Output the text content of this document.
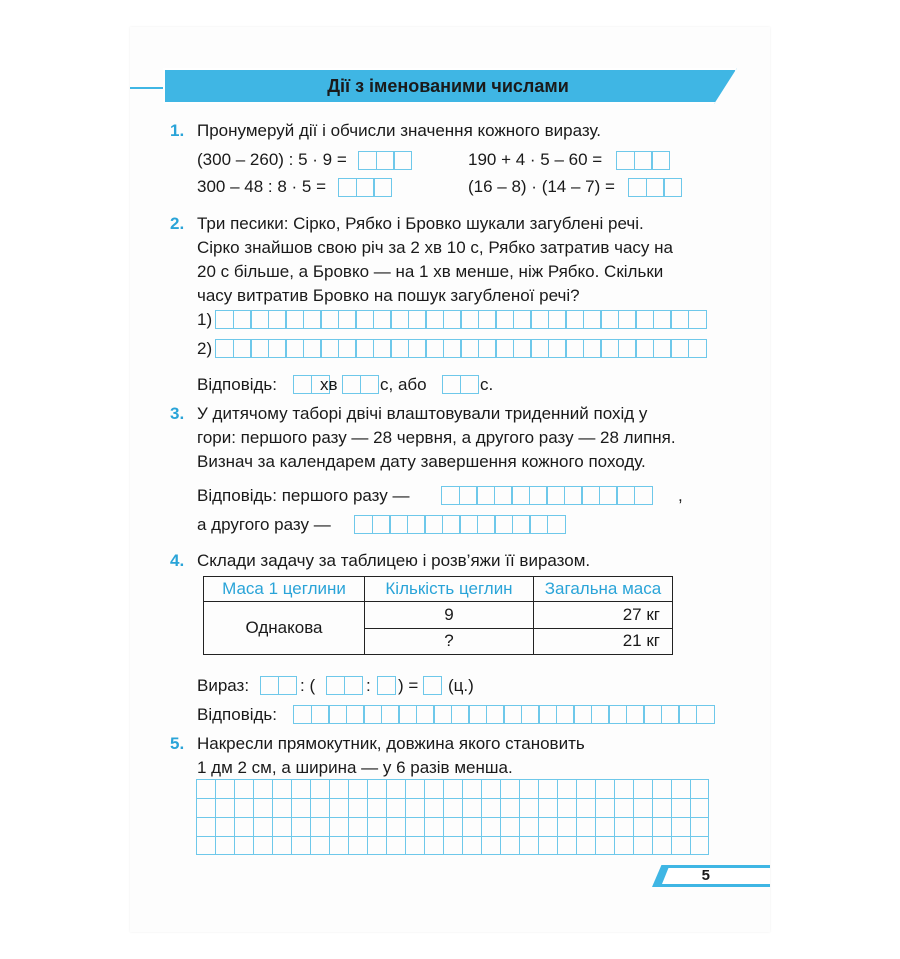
Дії з іменованими числами
1. Пронумеруй дії і обчисли значення кожного виразу.
(300 – 260) : 5 · 9 =	190 + 4 · 5 – 60 =
300 – 48 : 8 · 5 =	(16 – 8) · (14 – 7) =
2. Три песики: Сірко, Рябко і Бровко шукали загублені речі.
Сірко знайшов свою річ за 2 хв 10 с, Рябко затратив часу на
20 с більше, а Бровко — на 1 хв менше, ніж Рябко. Скільки
часу витратив Бровко на пошук загубленої речі?
1)
2)
Відповідь:	хв с, або	с.
3. У дитячому таборі двічі влаштовували триденний похід у
гори: першого разу — 28 червня, а другого разу — 28 липня.
Визнач за календарем дату завершення кожного походу.
Відповідь: першого разу —	,
а другого разу —
4. Склади задачу за таблицею і розв’яжи її виразом.
Маса 1 цеглини	Кількість цеглин	Загальна маса
Однакова	9	27 кг
	?	21 кг
Вираз:	: (	: ) = (ц.)
Відповідь:
5. Накресли прямокутник, довжина якого становить
1 дм 2 см, а ширина — у 6 разів менша.
5
